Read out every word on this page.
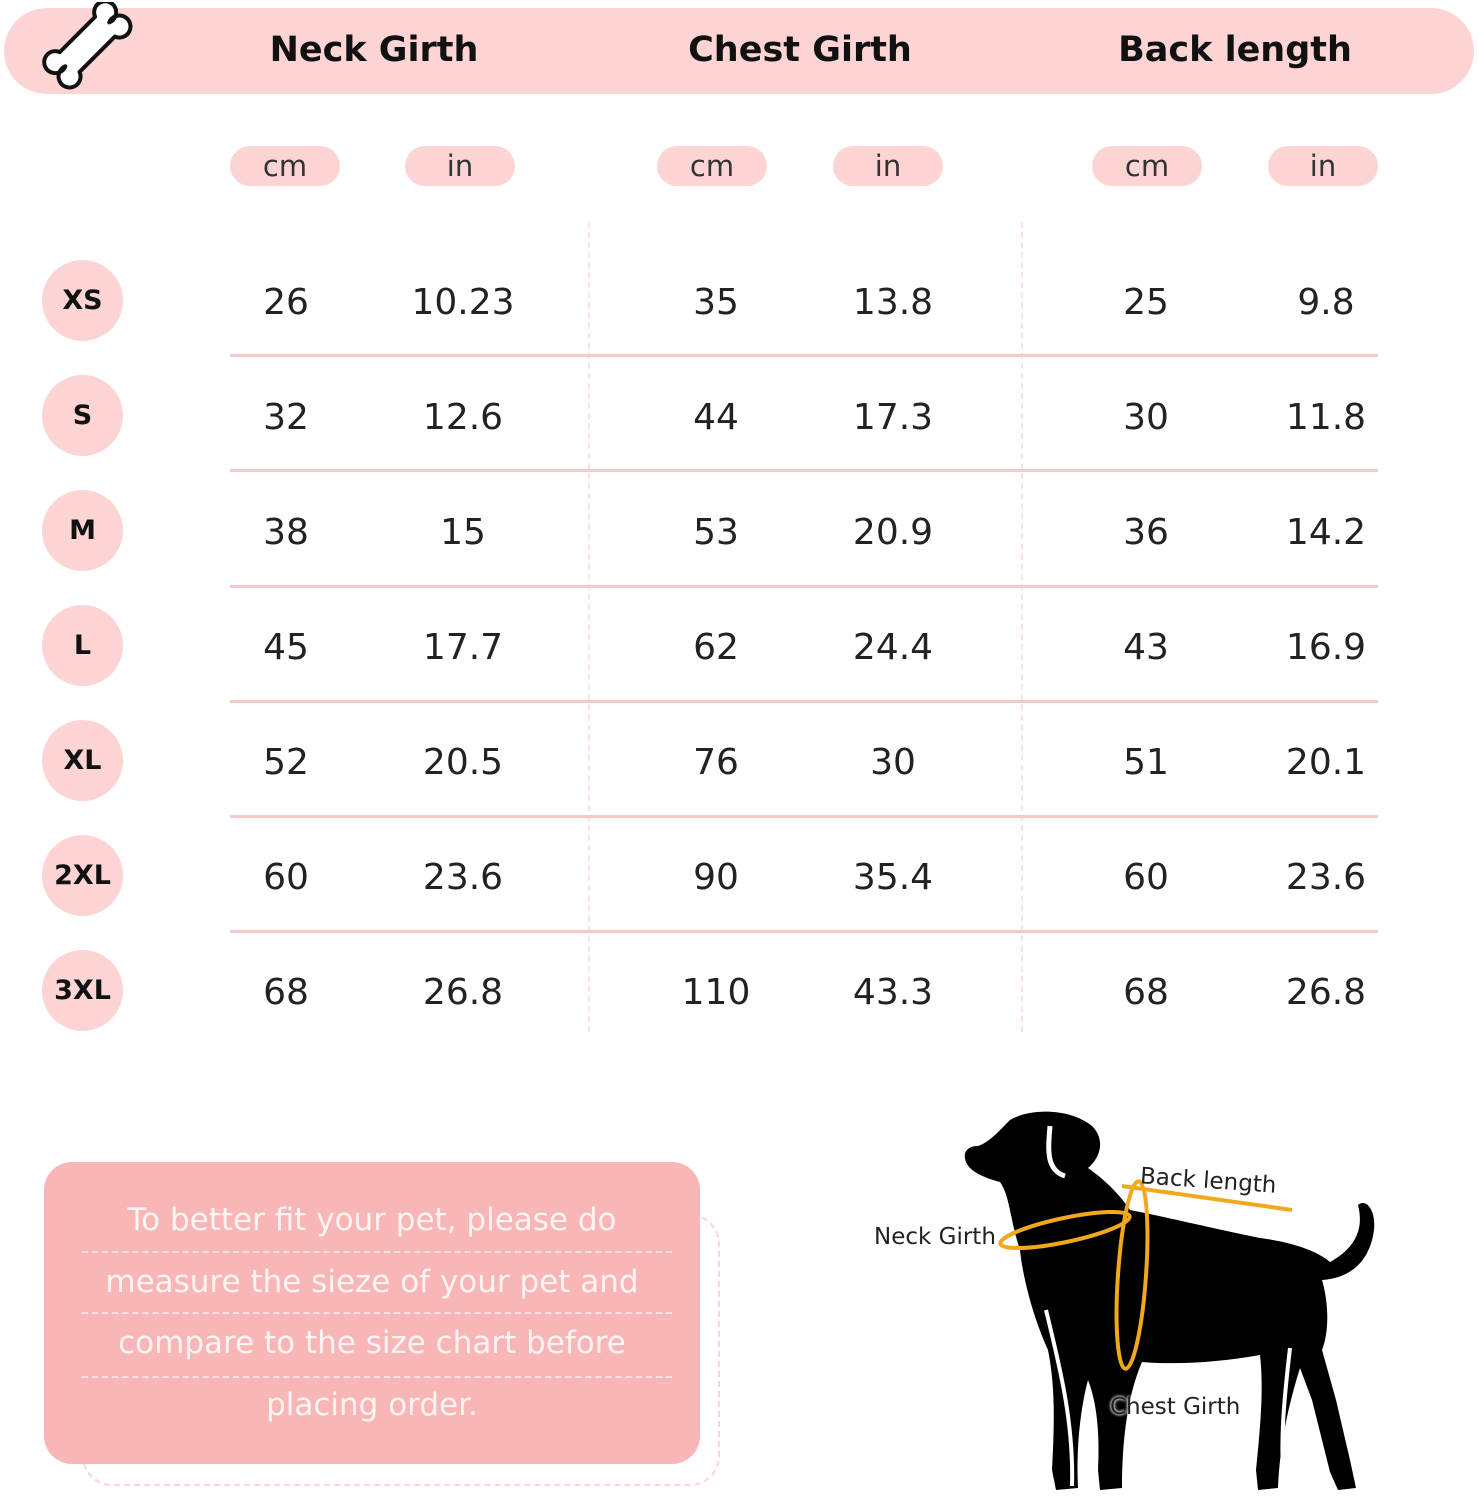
Neck Girth	Chest Girth	Back length
cm	in	cm	in	cm	in
XS	26	10.23	35	13.8	25	9.8
S	32	12.6	44	17.3	30	11.8
M	38	15	53	20.9	36	14.2
L	45	17.7	62	24.4	43	16.9
XL	52	20.5	76	30	51	20.1
2XL	60	23.6	90	35.4	60	23.6
3XL	68	26.8	110	43.3	68	26.8
To better fit your pet, please do
measure the sieze of your pet and
compare to the size chart before
placing order.
Back length
Neck Girth
Chest Girth
